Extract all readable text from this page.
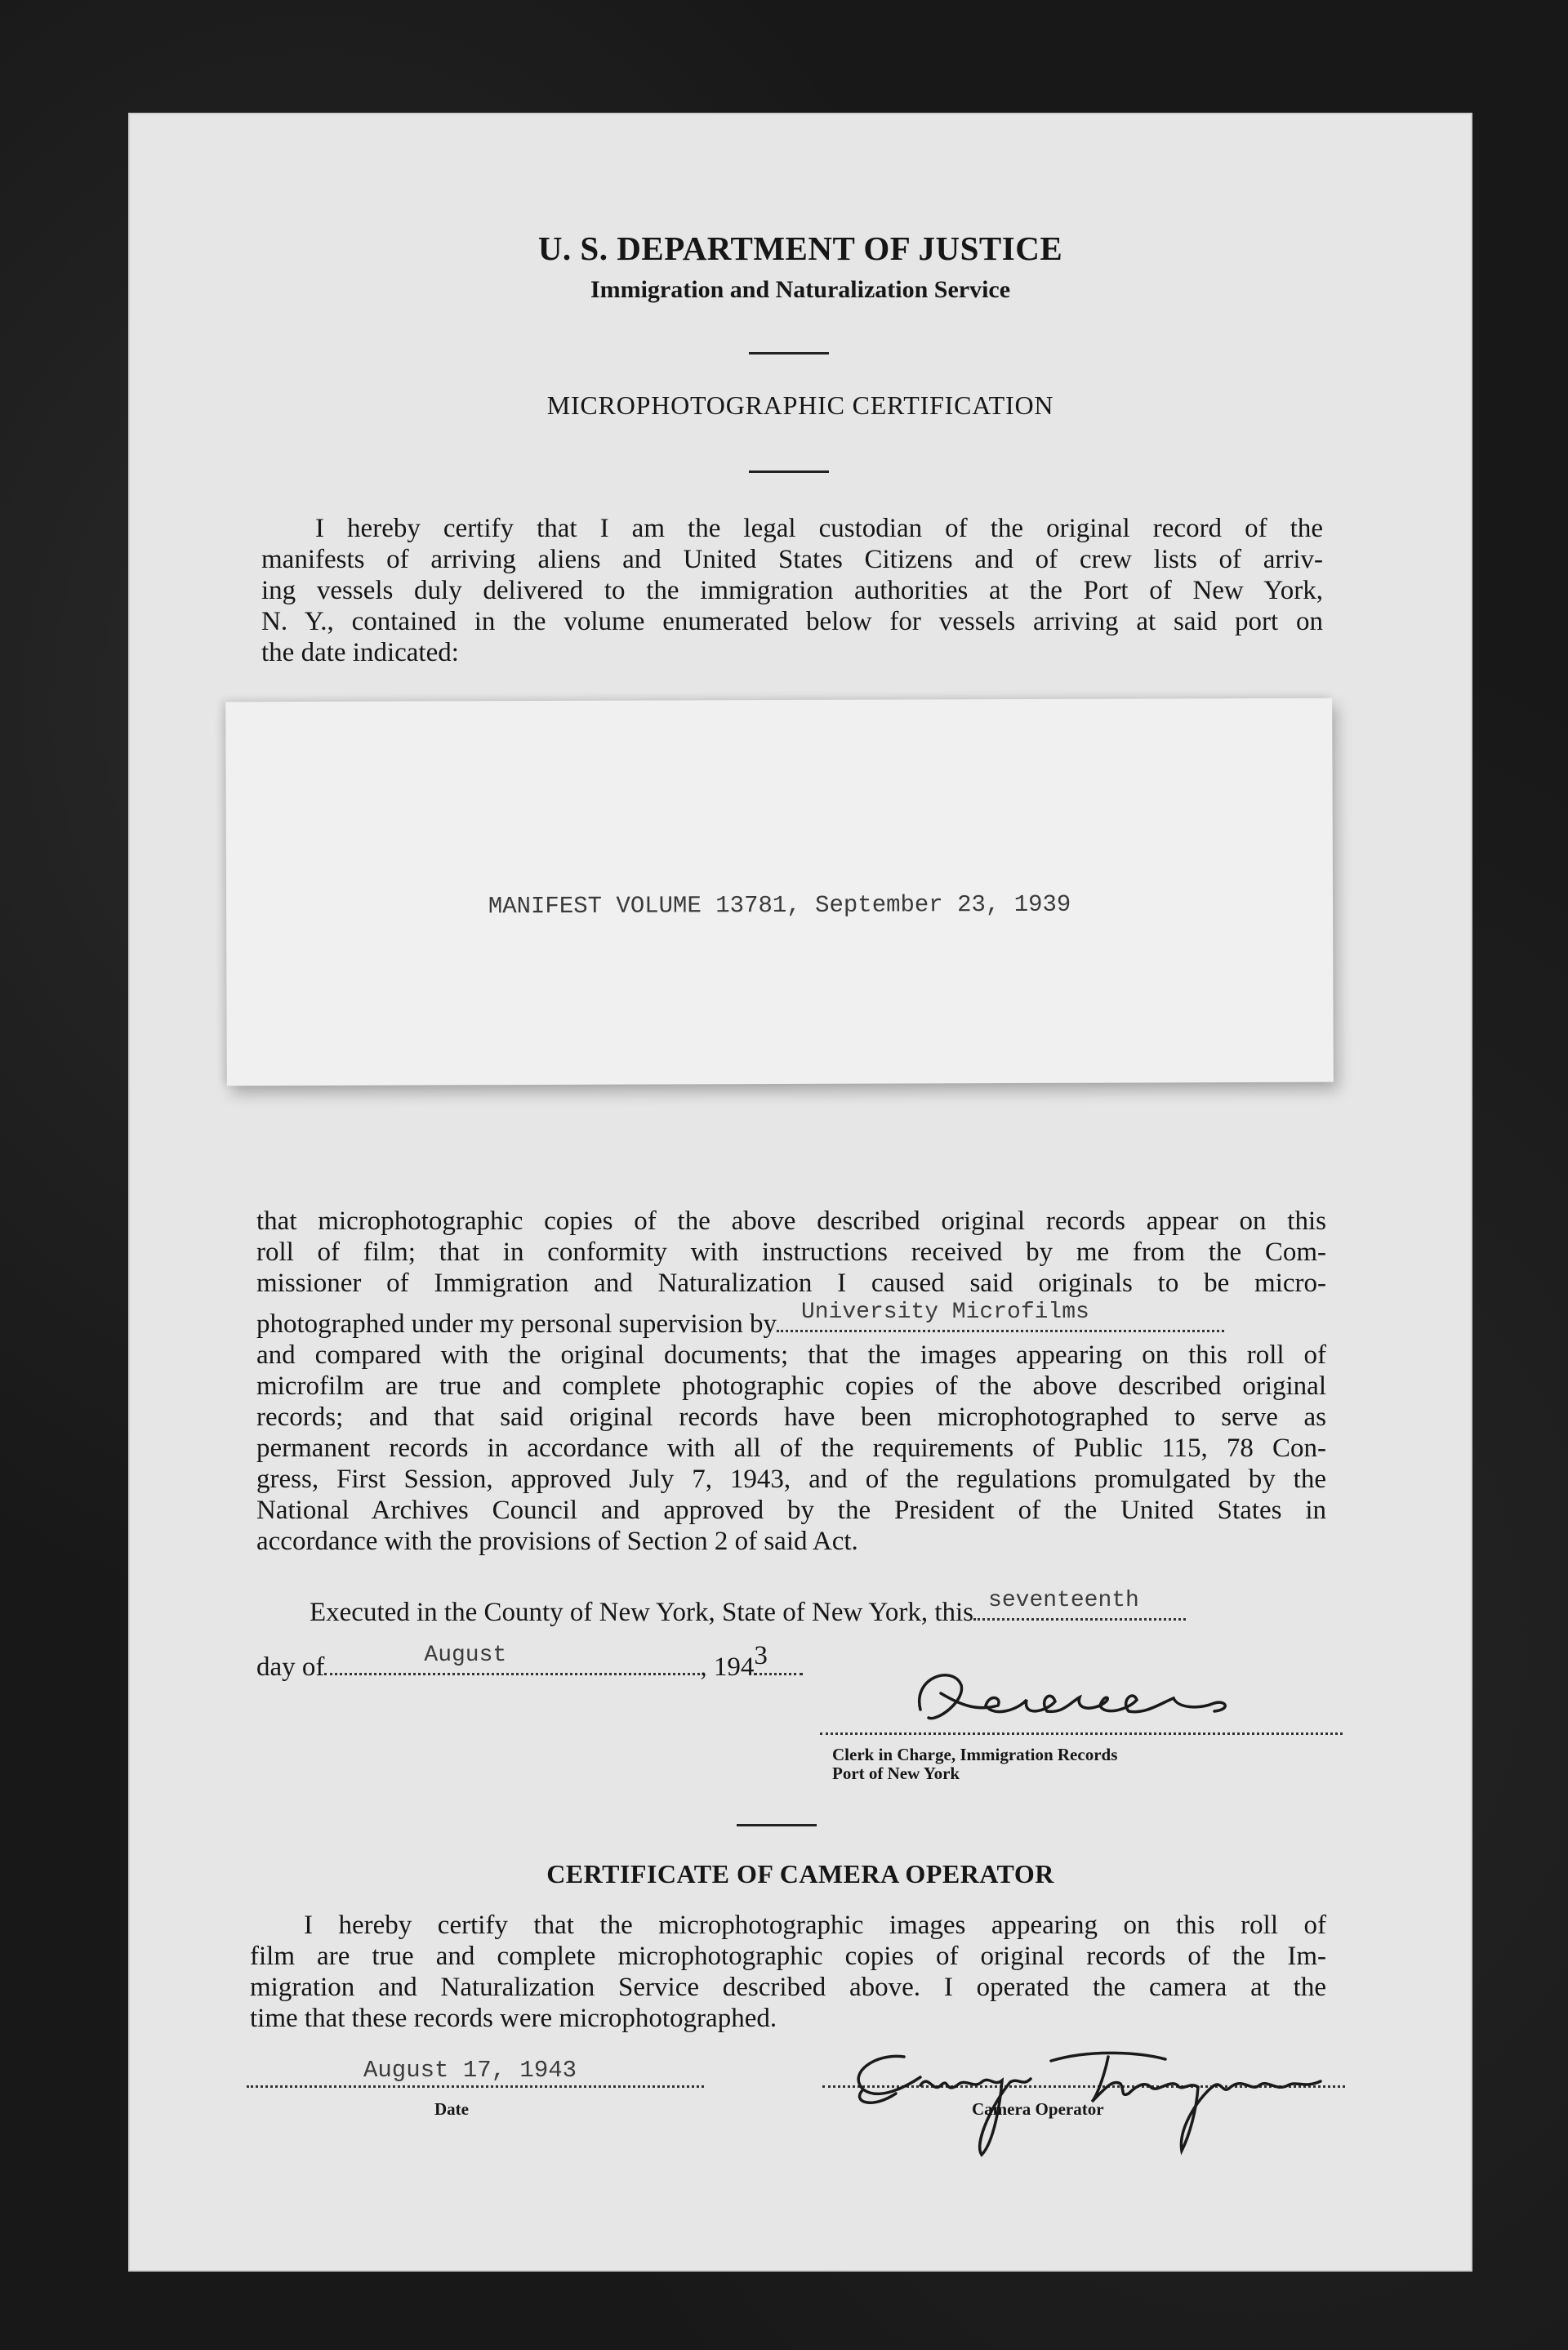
U. S. DEPARTMENT OF JUSTICE
Immigration and Naturalization Service
MICROPHOTOGRAPHIC CERTIFICATION
I hereby certify that I am the legal custodian of the original record of the
manifests of arriving aliens and United States Citizens and of crew lists of arriv-
ing vessels duly delivered to the immigration authorities at the Port of New York,
N. Y., contained in the volume enumerated below for vessels arriving at said port on
the date indicated:
MANIFEST VOLUME 13781, September 23, 1939
that microphotographic copies of the above described original records appear on this
roll of film; that in conformity with instructions received by me from the Com-
missioner of Immigration and Naturalization I caused said originals to be micro-
photographed under my personal supervision by University Microfilms
and compared with the original documents; that the images appearing on this roll of
microfilm are true and complete photographic copies of the above described original
records; and that said original records have been microphotographed to serve as
permanent records in accordance with all of the requirements of Public 115, 78 Con-
gress, First Session, approved July 7, 1943, and of the regulations promulgated by the
National Archives Council and approved by the President of the United States in
accordance with the provisions of Section 2 of said Act.
Executed in the County of New York, State of New York, this seventeenth
day of	August	, 194 3
Clerk in Charge, Immigration Records
Port of New York
CERTIFICATE OF CAMERA OPERATOR
I hereby certify that the microphotographic images appearing on this roll of
film are true and complete microphotographic copies of original records of the Im-
migration and Naturalization Service described above. I operated the camera at the
time that these records were microphotographed.
August 17, 1943
Date	Camera Operator
